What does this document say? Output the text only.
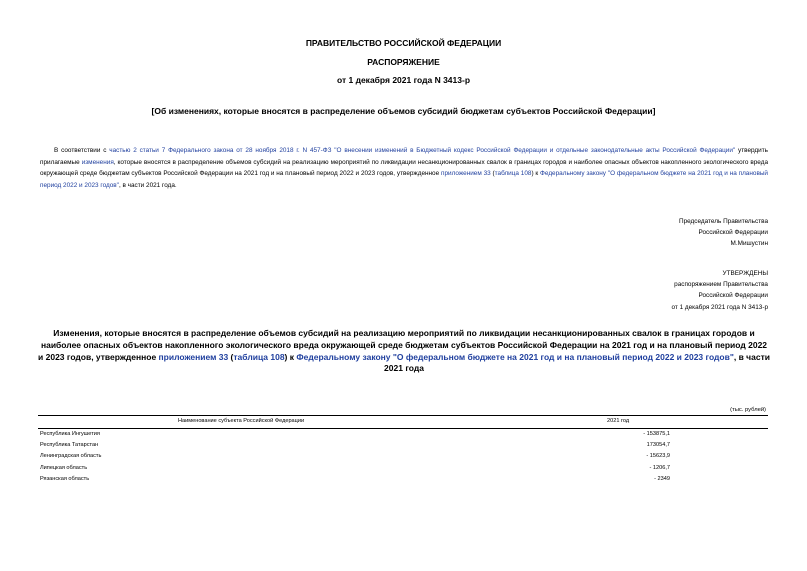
ПРАВИТЕЛЬСТВО РОССИЙСКОЙ ФЕДЕРАЦИИ
РАСПОРЯЖЕНИЕ
от 1 декабря 2021 года N 3413-р
[Об изменениях, которые вносятся в распределение объемов субсидий бюджетам субъектов Российской Федерации]
В соответствии с частью 2 статьи 7 Федерального закона от 28 ноября 2018 г. N 457-ФЗ "О внесении изменений в Бюджетный кодекс Российской Федерации и отдельные законодательные акты Российской Федерации" утвердить прилагаемые изменения, которые вносятся в распределение объемов субсидий на реализацию мероприятий по ликвидации несанкционированных свалок в границах городов и наиболее опасных объектов накопленного экологического вреда окружающей среде бюджетам субъектов Российской Федерации на 2021 год и на плановый период 2022 и 2023 годов, утвержденное приложением 33 (таблица 108) к Федеральному закону "О федеральном бюджете на 2021 год и на плановый период 2022 и 2023 годов", в части 2021 года.
Председатель Правительства
Российской Федерации
М.Мишустин
УТВЕРЖДЕНЫ
распоряжением Правительства
Российской Федерации
от 1 декабря 2021 года N 3413-р
Изменения, которые вносятся в распределение объемов субсидий на реализацию мероприятий по ликвидации несанкционированных свалок в границах городов и наиболее опасных объектов накопленного экологического вреда окружающей среде бюджетам субъектов Российской Федерации на 2021 год и на плановый период 2022 и 2023 годов, утвержденное приложением 33 (таблица 108) к Федеральному закону "О федеральном бюджете на 2021 год и на плановый период 2022 и 2023 годов", в части 2021 года
(тыс. рублей)
Наименование субъекта Российской Федерации	2021 год
Республика Ингушетия	- 153875,1
Республика Татарстан	173054,7
Ленинградская область	- 15623,9
Липецкая область	- 1206,7
Рязанская область	- 2349
